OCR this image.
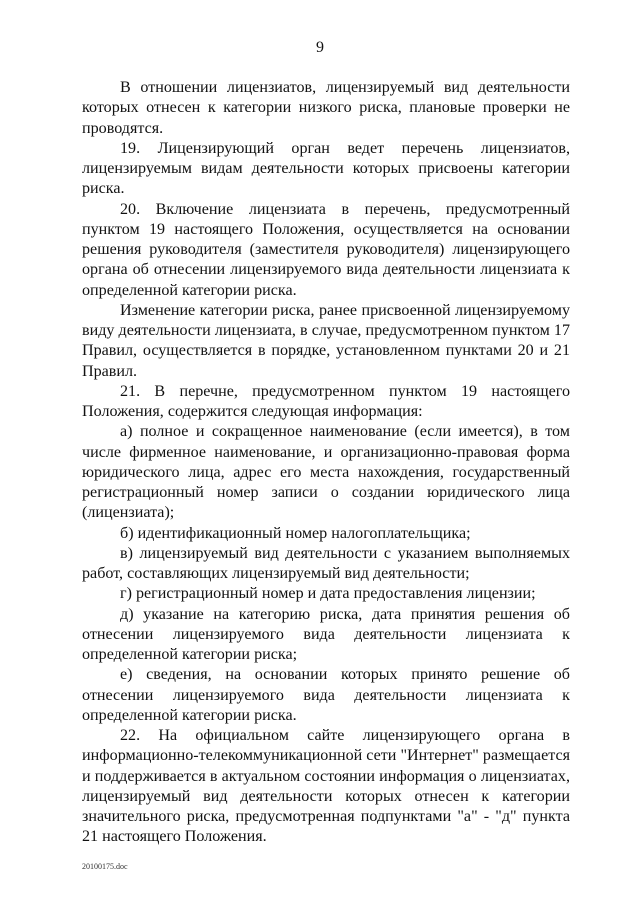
9

В отношении лицензиатов, лицензируемый вид деятельности которых отнесен к категории низкого риска, плановые проверки не проводятся.

19. Лицензирующий орган ведет перечень лицензиатов, лицензируемым видам деятельности которых присвоены категории риска.

20. Включение лицензиата в перечень, предусмотренный пунктом 19 настоящего Положения, осуществляется на основании решения руководителя (заместителя руководителя) лицензирующего органа об отнесении лицензируемого вида деятельности лицензиата к определенной категории риска.

Изменение категории риска, ранее присвоенной лицензируемому виду деятельности лицензиата, в случае, предусмотренном пунктом 17 Правил, осуществляется в порядке, установленном пунктами 20 и 21 Правил.

21. В перечне, предусмотренном пунктом 19 настоящего Положения, содержится следующая информация:

а) полное и сокращенное наименование (если имеется), в том числе фирменное наименование, и организационно-правовая форма юридического лица, адрес его места нахождения, государственный регистрационный номер записи о создании юридического лица (лицензиата);

б) идентификационный номер налогоплательщика;

в) лицензируемый вид деятельности с указанием выполняемых работ, составляющих лицензируемый вид деятельности;

г) регистрационный номер и дата предоставления лицензии;

д) указание на категорию риска, дата принятия решения об отнесении лицензируемого вида деятельности лицензиата к определенной категории риска;

е) сведения, на основании которых принято решение об отнесении лицензируемого вида деятельности лицензиата к определенной категории риска.

22. На официальном сайте лицензирующего органа в информационно-телекоммуникационной сети "Интернет" размещается и поддерживается в актуальном состоянии информация о лицензиатах, лицензируемый вид деятельности которых отнесен к категории значительного риска, предусмотренная подпунктами "а" - "д" пункта 21 настоящего Положения.

20100175.doc
